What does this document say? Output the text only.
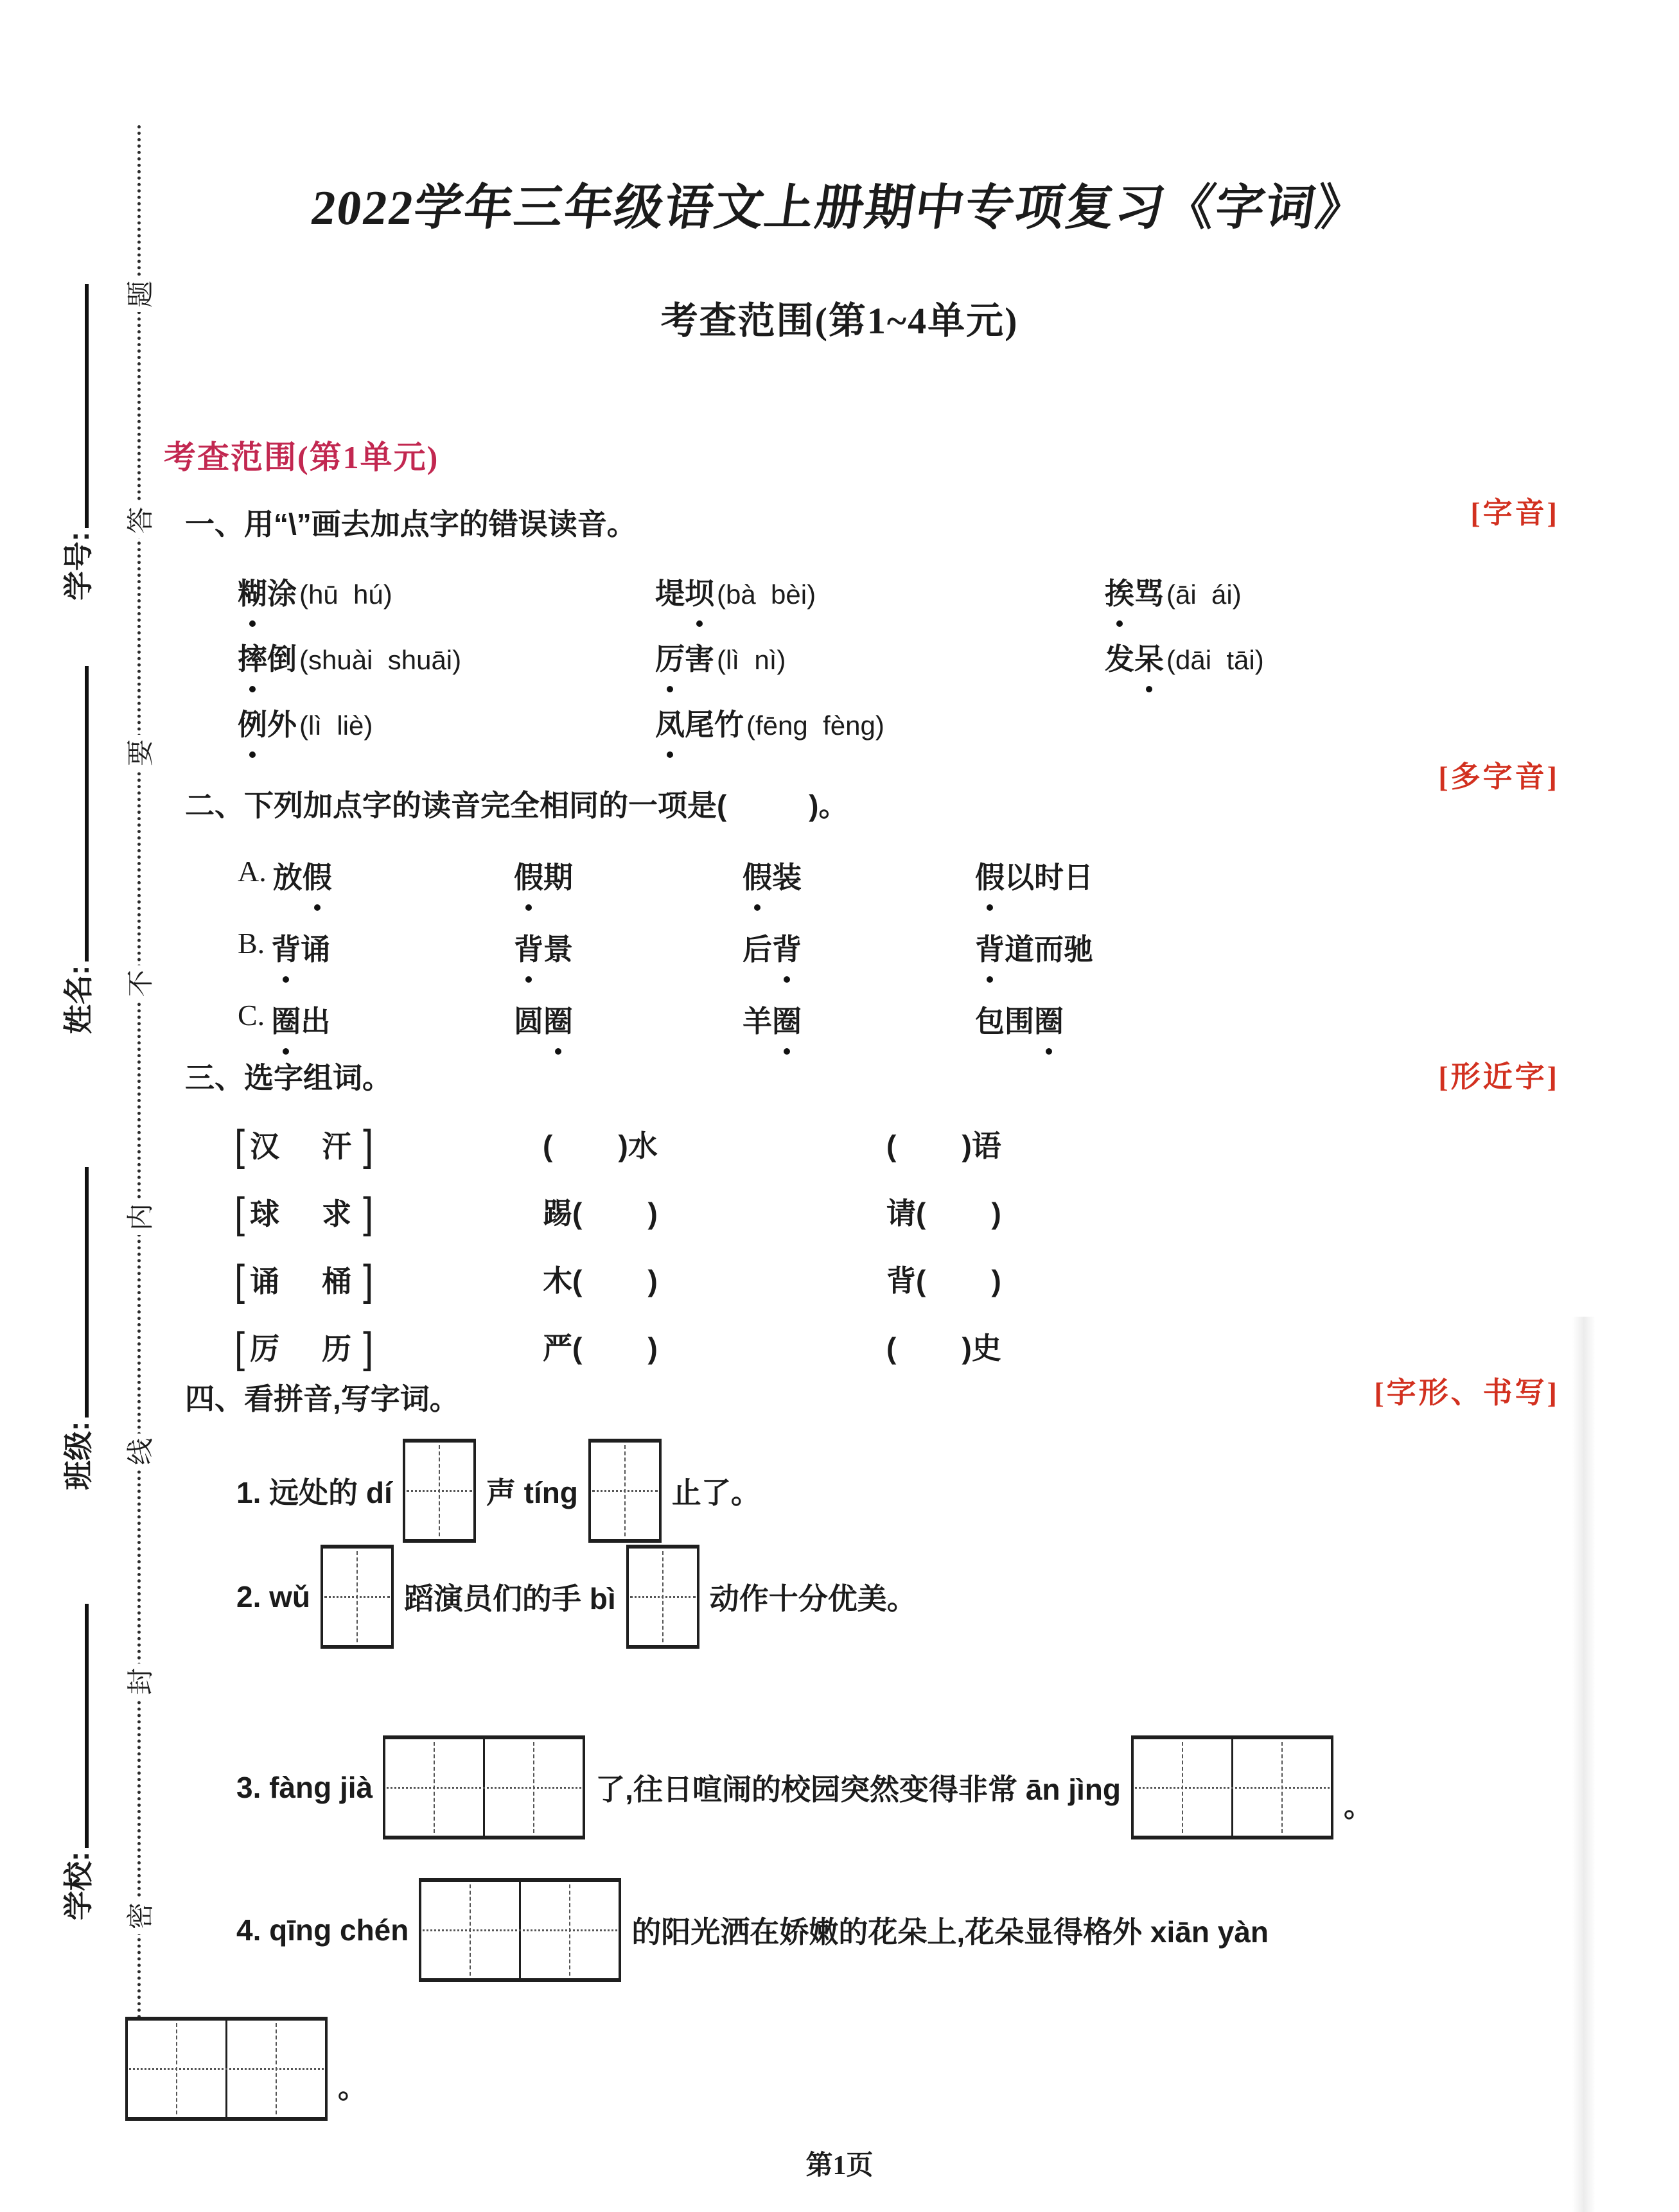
题
答
要
不
内
线
封
密
学号:
姓名:
班级:
学校:
2022学年三年级语文上册期中专项复习《字词》
考查范围(第1~4单元)
考查范围(第1单元)
一、用“\”画去加点字的错误读音。	[字音]
糊涂(hū  hú)	堤坝(bà  bèi)	挨骂(āi  ái)
摔倒(shuài  shuāi)	厉害(lì  nì)	发呆(dāi  tāi)
例外(lì  liè)	凤尾竹(fēng  fèng)
二、下列加点字的读音完全相同的一项是(          )。
[多字音]
A. 放 假	假期	假装	假以时日
B. 背 诵	背景	后背	背道而驰
C. 圈 出	圆圈	羊圈	包围圈
三、选字组词。	[形近字]
[ 汉　汗 ]	(        )水	(        )语
[ 球　求 ]	踢(        )	请(        )
[ 诵　桶 ]	木(        )	背(        )
[ 厉　历 ]	严(        )	(        )史
四、看拼音,写字词。	[字形、书写]
1. 远处的 dí	声 tíng	止了。
2. wǔ	蹈演员们的手 bì	动作十分优美。
3. fàng jià	了,往日喧闹的校园突然变得非常 ān jìng	。
4. qīng chén	的阳光洒在娇嫩的花朵上,花朵显得格外 xiān yàn
。
第1页
